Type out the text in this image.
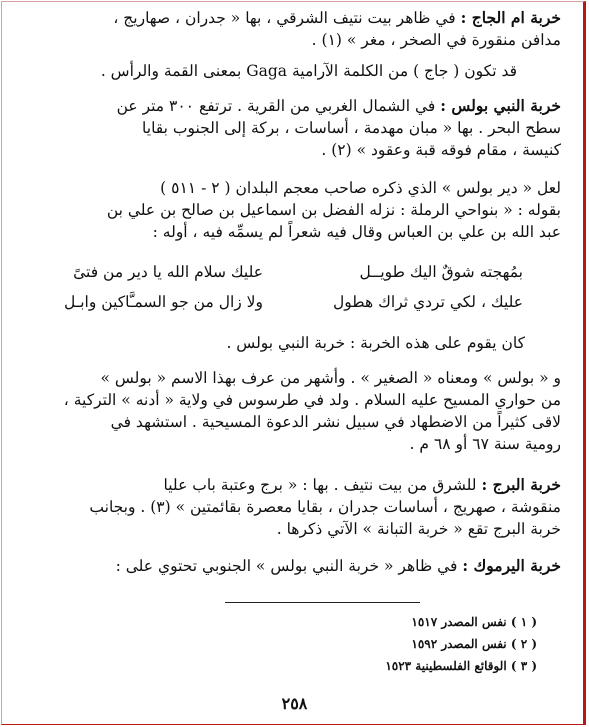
خربة ام الجاج : في ظاهر بيت نتيف الشرقي ، بها « جدران ، صهاريج ،
مدافن منقورة في الصخر ، مغر » (١) .
قد تكون ( جاج ) من الكلمة الآرامية Gaga بمعنى القمة والرأس .
خربة النبي بولس : في الشمال الغربي من القرية . ترتفع ٣٠٠ متر عن
سطح البحر . بها « مبان مهدمة ، أساسات ، بركة إلى الجنوب بقايا
كنيسة ، مقام فوقه قبة وعقود » (٢) .
لعل « دير بولس » الذي ذكره صاحب معجم البلدان ( ٢ - ٥١١ )
بقوله : « بنواحي الرملة : نزله الفضل بن اسماعيل بن صالح بن علي بن
عبد الله بن علي بن العباس وقال فيه شعراً لم يسمِّه فيه ، أوله :
عليك سلام الله يا دير من فتىً	بمُهجته شوقٌ اليك طويــل
ولا زال من جو السمـَّاكين وابـل	عليك ، لكي تردي ثراك هطول
كان يقوم على هذه الخربة : خربة النبي بولس .
و « بولس » ومعناه « الصغير » . وأشهر من عرف بهذا الاسم « بولس »
من حواري المسيح عليه السلام . ولد في طرسوس في ولاية « أدنه » التركية ،
لاقى كثيراً من الاضطهاد في سبيل نشر الدعوة المسيحية . استشهد في
رومية سنة ٦٧ أو ٦٨ م .
خربة البرج : للشرق من بيت نتيف . بها : « برج وعتبة باب عليا
منقوشة ، صهريج ، أساسات جدران ، بقايا معصرة بقائمتين » (٣) . وبجانب
خربة البرج تقع « خربة التبانة » الآتي ذكرها .
خربة اليرموك : في ظاهر « خربة النبي بولس » الجنوبي تحتوي على :
( ١ ) نفس المصدر ١٥١٧
( ٢ ) نفس المصدر ١٥٩٢
( ٣ ) الوقائع الفلسطينية ١٥٢٣
٢٥٨
